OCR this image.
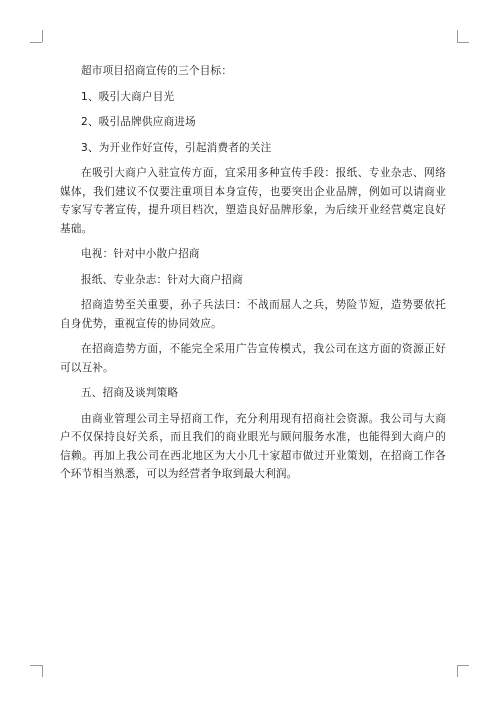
超市项目招商宣传的三个目标：

1、吸引大商户目光

2、吸引品牌供应商进场

3、为开业作好宣传，引起消费者的关注

在吸引大商户入驻宣传方面，宜采用多种宣传手段：报纸、专业杂志、网络媒体，我们建议不仅要注重项目本身宣传，也要突出企业品牌，例如可以请商业专家写专著宣传，提升项目档次，塑造良好品牌形象，为后续开业经营奠定良好基础。

电视：针对中小散户招商

报纸、专业杂志：针对大商户招商

招商造势至关重要，孙子兵法曰：不战而屈人之兵，势险节短，造势要依托自身优势，重视宣传的协同效应。

在招商造势方面，不能完全采用广告宣传模式，我公司在这方面的资源正好可以互补。

五、招商及谈判策略

由商业管理公司主导招商工作，充分利用现有招商社会资源。我公司与大商户不仅保持良好关系，而且我们的商业眼光与顾问服务水准，也能得到大商户的信赖。再加上我公司在西北地区为大小几十家超市做过开业策划，在招商工作各个环节相当熟悉，可以为经营者争取到最大利润。
